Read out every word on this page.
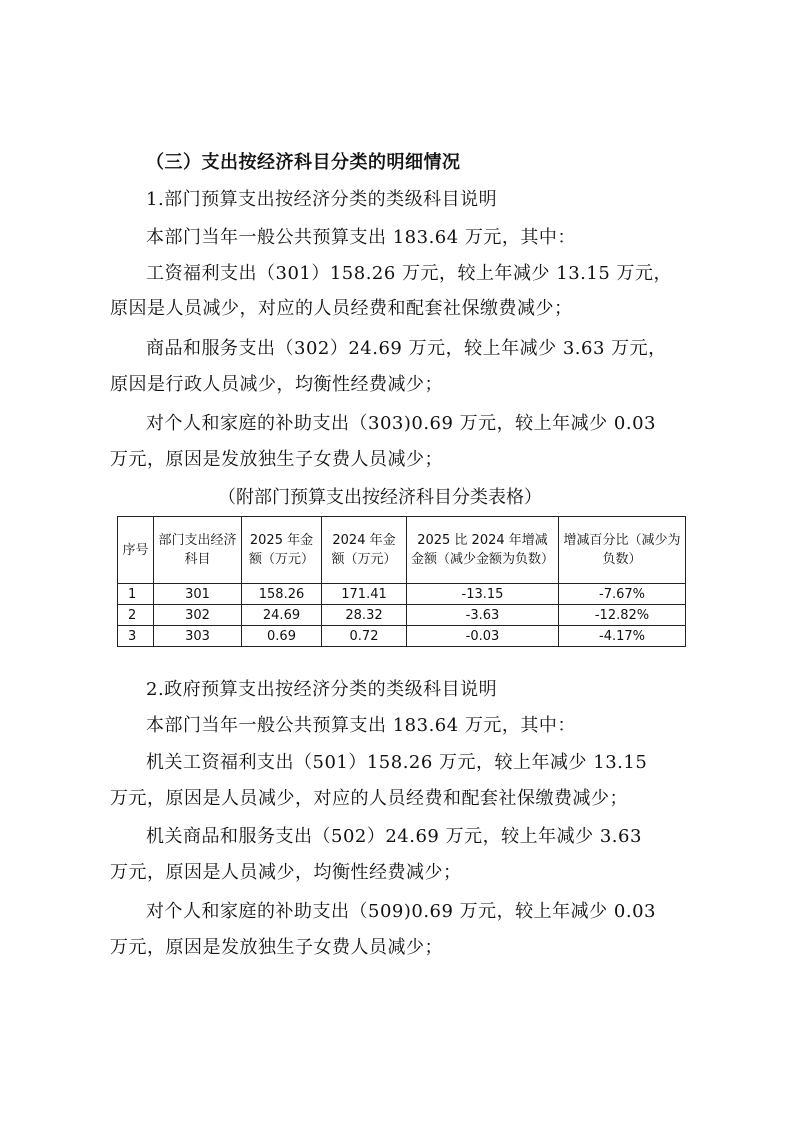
（三）支出按经济科目分类的明细情况

1.部门预算支出按经济分类的类级科目说明

本部门当年一般公共预算支出 183.64 万元，其中：

工资福利支出（301）158.26 万元，较上年减少 13.15 万元，

原因是人员减少，对应的人员经费和配套社保缴费减少；

商品和服务支出（302）24.69 万元，较上年减少 3.63 万元，

原因是行政人员减少，均衡性经费减少；

对个人和家庭的补助支出（303)0.69 万元，较上年减少 0.03

万元，原因是发放独生子女费人员减少；

（附部门预算支出按经济科目分类表格）

序号	部门支出经济科目	2025 年金额（万元）	2024 年金额（万元）	2025 比 2024 年增减金额（减少金额为负数）	增减百分比（减少为负数）
1	301	158.26	171.41	-13.15	-7.67%
2	302	24.69	28.32	-3.63	-12.82%
3	303	0.69	0.72	-0.03	-4.17%

2.政府预算支出按经济分类的类级科目说明

本部门当年一般公共预算支出 183.64 万元，其中：

机关工资福利支出（501）158.26 万元，较上年减少 13.15

万元，原因是人员减少，对应的人员经费和配套社保缴费减少；

机关商品和服务支出（502）24.69 万元，较上年减少 3.63

万元，原因是人员减少，均衡性经费减少；

对个人和家庭的补助支出（509)0.69 万元，较上年减少 0.03

万元，原因是发放独生子女费人员减少；
